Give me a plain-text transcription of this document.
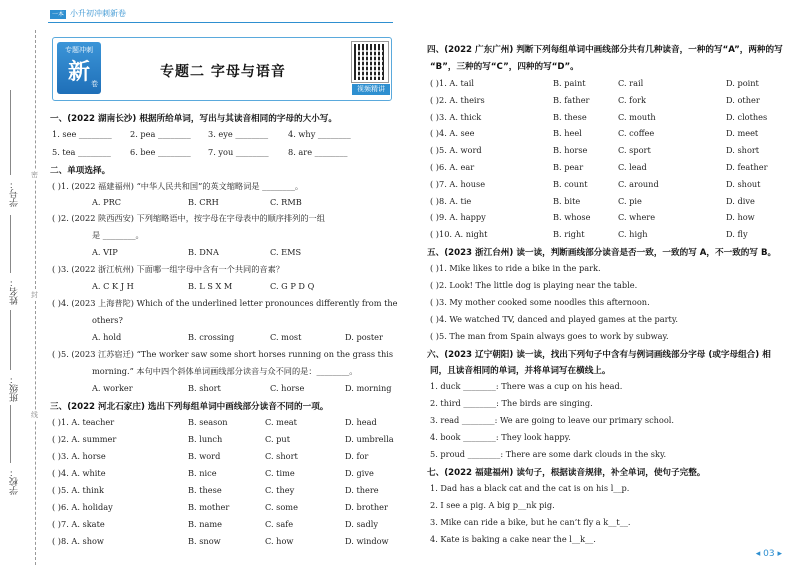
一本 小升初冲刺新卷
学号：
姓名：
班级：
学校：
密
封
线
专题冲刺
新 卷
专题二 字母与语音
视频精讲
一、(2022 湖南长沙) 根据所给单词，写出与其读音相同的字母的大小写。
1. see ________ 2. pea ________ 3. eye ________ 4. why ________
5. tea ________ 6. bee ________ 7. you ________ 8. are ________
二、单项选择。
( )1. (2022 福建福州) “中华人民共和国”的英文缩略词是 ________。
A. PRC	B. CRH	C. RMB
( )2. (2022 陕西西安) 下列缩略语中，按字母在字母表中的顺序排列的一组
是 ________。
A. VIP	B. DNA	C. EMS
( )3. (2022 浙江杭州) 下面哪一组字母中含有一个共同的音素？
A. C K J H	B. L S X M	C. G P D Q
( )4. (2023 上海普陀) Which of the underlined letter pronounces differently from the
others?
A. hold	B. crossing	C. most	D. poster
( )5. (2023 江苏宿迁) “The worker saw some short horses running on the grass this
morning.” 本句中四个斜体单词画线部分读音与众不同的是：________。
A. worker	B. short	C. horse	D. morning
三、(2022 河北石家庄) 选出下列每组单词中画线部分读音不同的一项。
( )1. A. teacher	B. season	C. meat	D. head
( )2. A. summer	B. lunch	C. put	D. umbrella
( )3. A. horse	B. word	C. short	D. for
( )4. A. white	B. nice	C. time	D. give
( )5. A. think	B. these	C. they	D. there
( )6. A. holiday	B. mother	C. some	D. brother
( )7. A. skate	B. name	C. safe	D. sadly
( )8. A. show	B. snow	C. how	D. window
四、(2022 广东广州) 判断下列每组单词中画线部分共有几种读音，一种的写“A”，两种的写
“B”，三种的写“C”，四种的写“D”。
( )1. A. tail	B. paint	C. rail	D. point
( )2. A. theirs	B. father	C. fork	D. other
( )3. A. thick	B. these	C. mouth	D. clothes
( )4. A. see	B. heel	C. coffee	D. meet
( )5. A. word	B. horse	C. sport	D. short
( )6. A. ear	B. pear	C. lead	D. feather
( )7. A. house	B. count	C. around	D. shout
( )8. A. tie	B. bite	C. pie	D. dive
( )9. A. happy	B. whose	C. where	D. how
( )10. A. night	B. right	C. high	D. fly
五、(2023 浙江台州) 读一读，判断画线部分读音是否一致，一致的写 A，不一致的写 B。
( )1. Mike likes to ride a bike in the park.
( )2. Look! The little dog is playing near the table.
( )3. My mother cooked some noodles this afternoon.
( )4. We watched TV, danced and played games at the party.
( )5. The man from Spain always goes to work by subway.
六、(2023 辽宁朝阳) 读一读，找出下列句子中含有与例词画线部分字母 (或字母组合) 相
同，且读音相同的单词，并将单词写在横线上。
1. duck ________: There was a cup on his head.
2. third ________: The birds are singing.
3. read ________: We are going to leave our primary school.
4. book ________: They look happy.
5. proud ________: There are some dark clouds in the sky.
七、(2022 福建福州) 读句子，根据读音规律，补全单词，使句子完整。
1. Dad has a black cat and the cat is on his l__p.
2. I see a pig. A big p__nk pig.
3. Mike can ride a bike, but he can’t fly a k__t__.
4. Kate is baking a cake near the l__k__.
◂ 03 ▸
